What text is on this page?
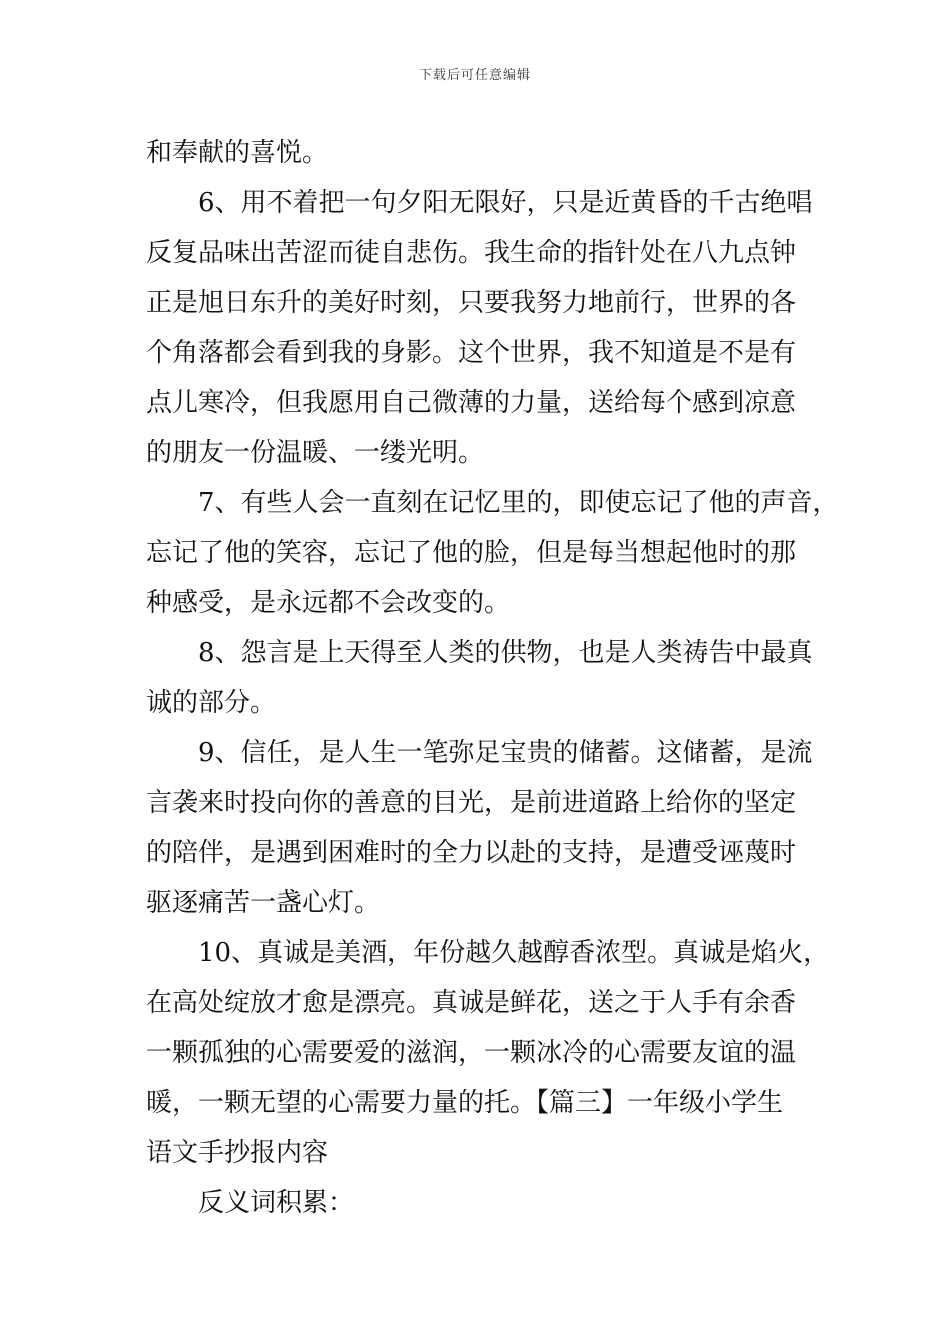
下载后可任意编辑
和奉献的喜悦。
6、用不着把一句夕阳无限好，只是近黄昏的千古绝唱
反复品味出苦涩而徒自悲伤。我生命的指针处在八九点钟
正是旭日东升的美好时刻，只要我努力地前行，世界的各
个角落都会看到我的身影。这个世界，我不知道是不是有
点儿寒冷，但我愿用自己微薄的力量，送给每个感到凉意
的朋友一份温暖、一缕光明。
7、有些人会一直刻在记忆里的，即使忘记了他的声音，
忘记了他的笑容，忘记了他的脸，但是每当想起他时的那
种感受，是永远都不会改变的。
8、怨言是上天得至人类的供物，也是人类祷告中最真
诚的部分。
9、信任，是人生一笔弥足宝贵的储蓄。这储蓄，是流
言袭来时投向你的善意的目光，是前进道路上给你的坚定
的陪伴，是遇到困难时的全力以赴的支持，是遭受诬蔑时
驱逐痛苦一盏心灯。
10、真诚是美酒，年份越久越醇香浓型。真诚是焰火，
在高处绽放才愈是漂亮。真诚是鲜花，送之于人手有余香
一颗孤独的心需要爱的滋润，一颗冰冷的心需要友谊的温
暖，一颗无望的心需要力量的托。【篇三】一年级小学生
语文手抄报内容
反义词积累：
